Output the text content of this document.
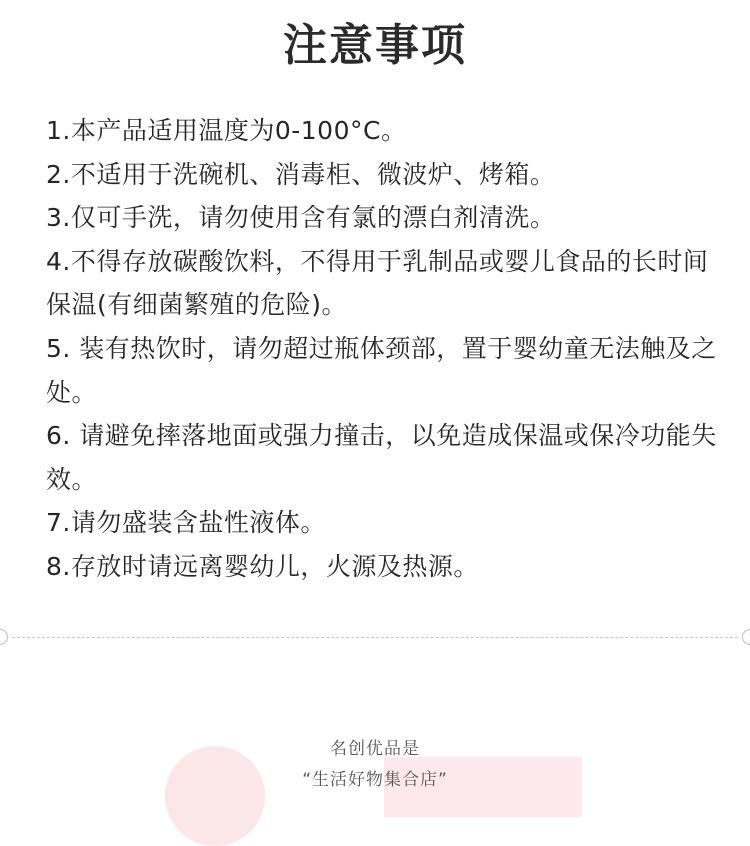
注意事项
1.本产品适用温度为0-100°C。
2.不适用于洗碗机、消毒柜、微波炉、烤箱。
3.仅可手洗，请勿使用含有氯的漂白剂清洗。
4.不得存放碳酸饮料，不得用于乳制品或婴儿食品的长时间保温(有细菌繁殖的危险)。
5. 装有热饮时，请勿超过瓶体颈部，置于婴幼童无法触及之处。
6. 请避免摔落地面或强力撞击，以免造成保温或保冷功能失效。
7.请勿盛装含盐性液体。
8.存放时请远离婴幼儿，火源及热源。
名创优品是
“生活好物集合店”
